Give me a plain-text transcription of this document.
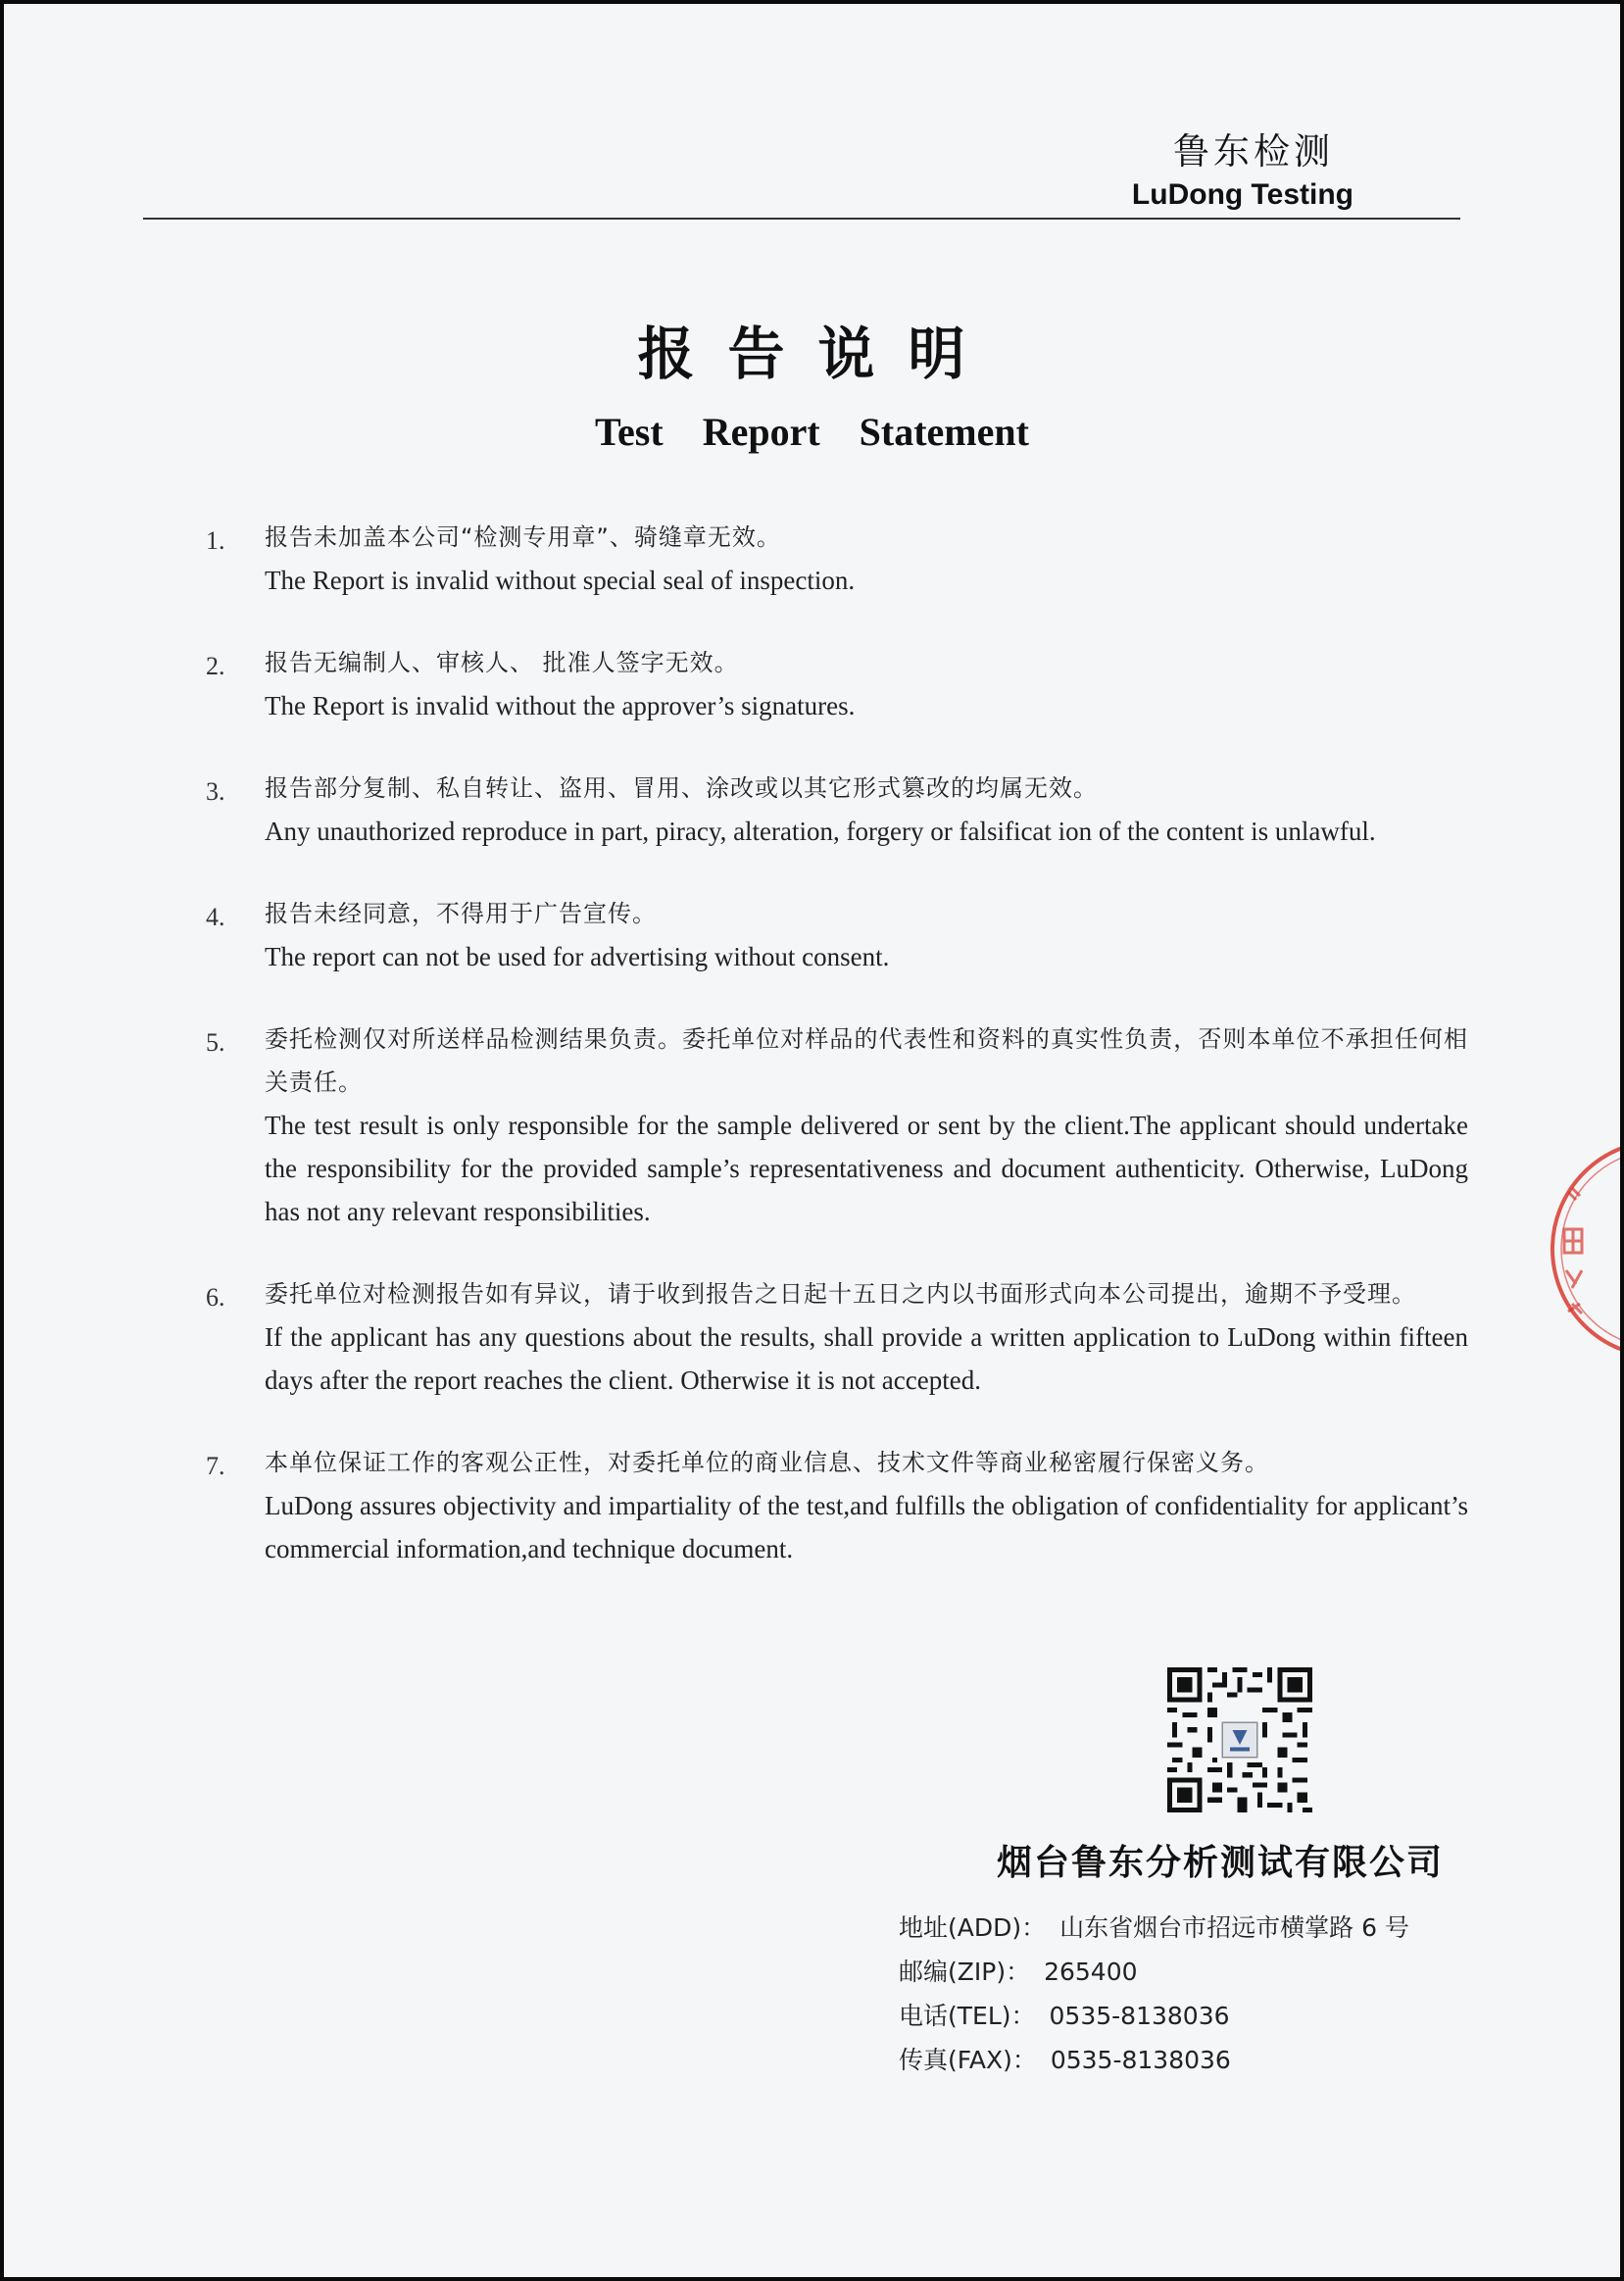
鲁东检测
LuDong Testing
报告说明
Test Report Statement
1. 报告未加盖本公司“检测专用章”、骑缝章无效。
The Report is invalid without special seal of inspection.
2. 报告无编制人、审核人、 批准人签字无效。
The Report is invalid without the approver’s signatures.
3. 报告部分复制、私自转让、盗用、冒用、涂改或以其它形式篡改的均属无效。
Any unauthorized reproduce in part, piracy, alteration, forgery or falsificat ion of the content is unlawful.
4. 报告未经同意，不得用于广告宣传。
The report can not be used for advertising without consent.
5. 委托检测仅对所送样品检测结果负责。委托单位对样品的代表性和资料的真实性负责，否则本单位不承担任何相关责任。
The test result is only responsible for the sample delivered or sent by the client.The applicant should undertake the responsibility for the provided sample’s representativeness and document authenticity. Otherwise, LuDong has not any relevant responsibilities.
6. 委托单位对检测报告如有异议，请于收到报告之日起十五日之内以书面形式向本公司提出，逾期不予受理。
If the applicant has any questions about the results, shall provide a written application to LuDong within fifteen days after the report reaches the client. Otherwise it is not accepted.
7. 本单位保证工作的客观公正性，对委托单位的商业信息、技术文件等商业秘密履行保密义务。
LuDong assures objectivity and impartiality of the test,and fulfills the obligation of confidentiality for applicant’s commercial information,and technique document.
烟台鲁东分析测试有限公司
地址(ADD)： 山东省烟台市招远市横掌路 6 号
邮编(ZIP)： 265400
电话(TEL)： 0535-8138036
传真(FAX)： 0535-8138036
